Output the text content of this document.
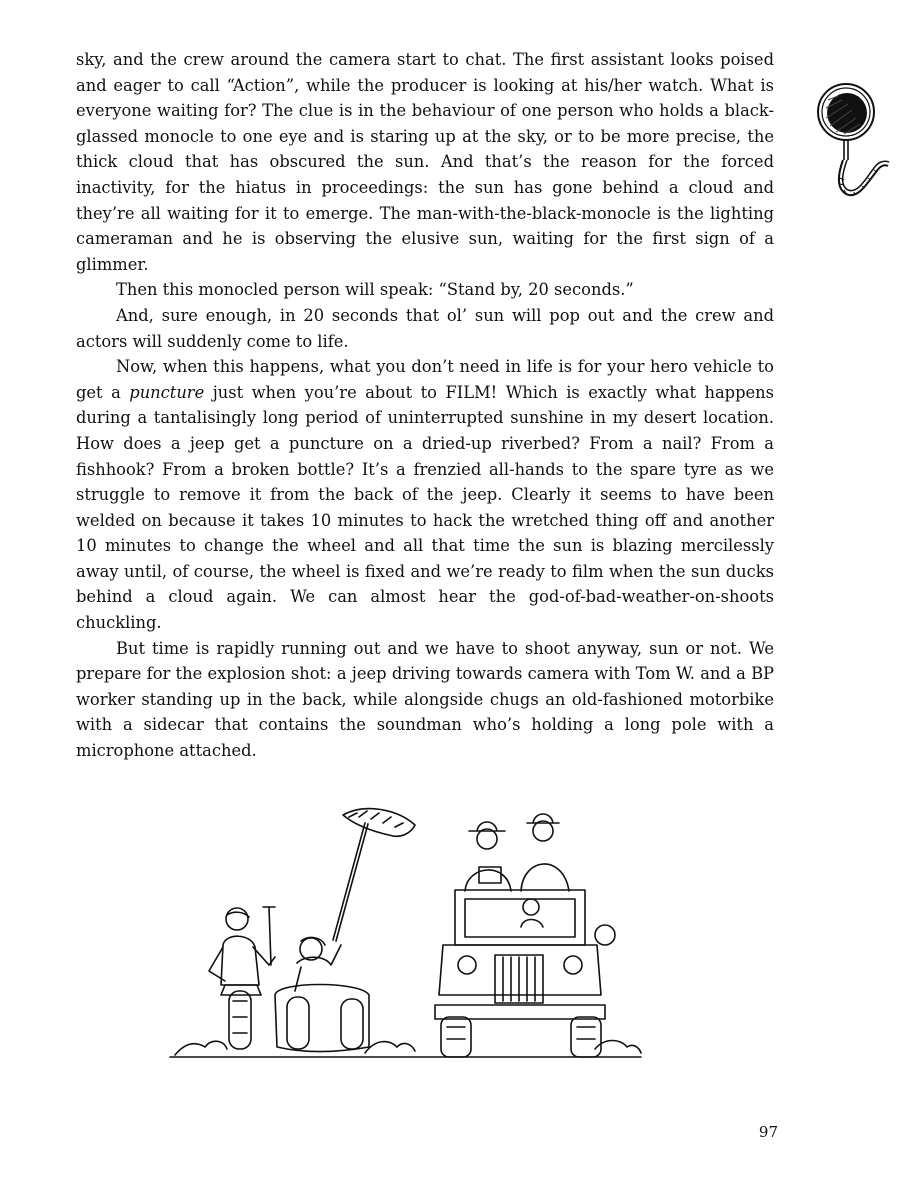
sky, and the crew around the camera start to chat. The first assistant looks poised and eager to call “Action”, while the producer is looking at his/her watch. What is everyone waiting for? The clue is in the behaviour of one person who holds a black-glassed monocle to one eye and is staring up at the sky, or to be more precise, the thick cloud that has obscured the sun. And that’s the reason for the forced inactivity, for the hiatus in proceedings: the sun has gone behind a cloud and they’re all waiting for it to emerge. The man-with-the-black-monocle is the lighting cameraman and he is observing the elusive sun, waiting for the first sign of a glimmer.

Then this monocled person will speak: “Stand by, 20 seconds.”

And, sure enough, in 20 seconds that ol’ sun will pop out and the crew and actors will suddenly come to life.

Now, when this happens, what you don’t need in life is for your hero vehicle to get a puncture just when you’re about to FILM! Which is exactly what happens during a tantalisingly long period of uninterrupted sunshine in my desert location. How does a jeep get a puncture on a dried-up riverbed? From a nail? From a fishhook? From a broken bottle? It’s a frenzied all-hands to the spare tyre as we struggle to remove it from the back of the jeep. Clearly it seems to have been welded on because it takes 10 minutes to hack the wretched thing off and another 10 minutes to change the wheel and all that time the sun is blazing mercilessly away until, of course, the wheel is fixed and we’re ready to film when the sun ducks behind a cloud again. We can almost hear the god-of-bad-weather-on-shoots chuckling.

But time is rapidly running out and we have to shoot anyway, sun or not. We prepare for the explosion shot: a jeep driving towards camera with Tom W. and a BP worker standing up in the back, while alongside chugs an old-fashioned motorbike with a sidecar that contains the soundman who’s holding a long pole with a microphone attached.

97
